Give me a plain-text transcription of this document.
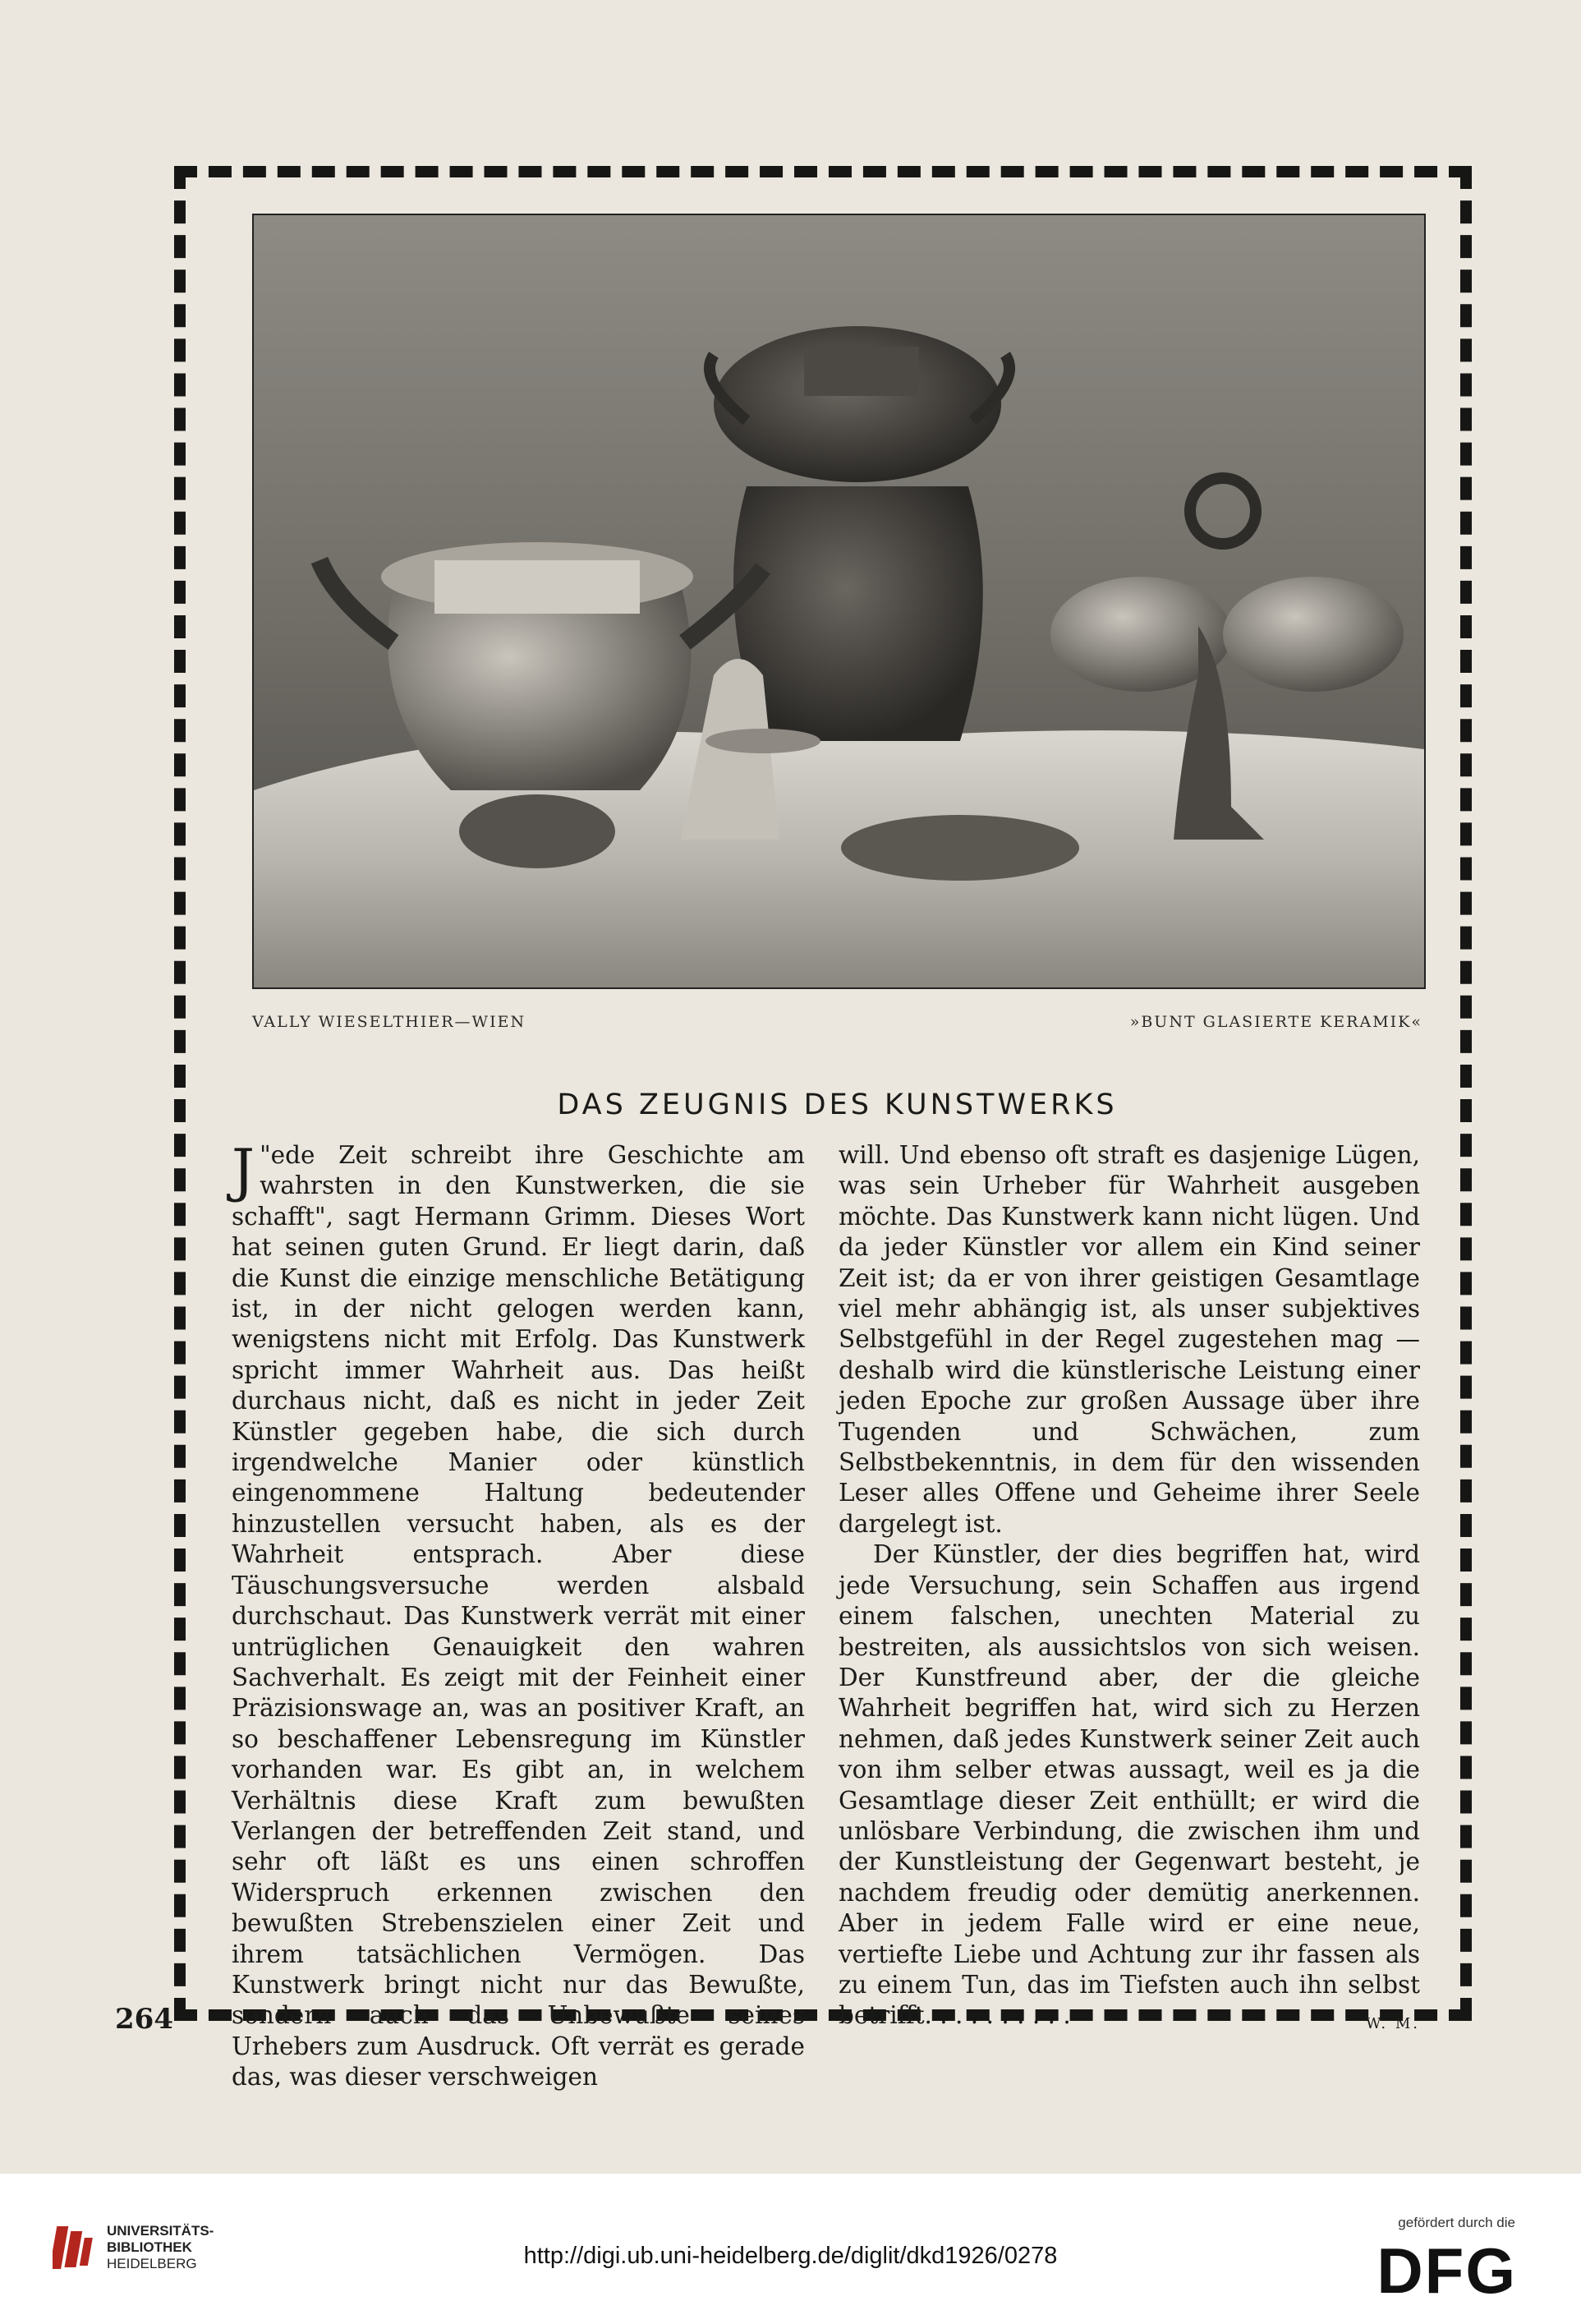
VALLY WIESELTHIER—WIEN	»BUNT GLASIERTE KERAMIK«
DAS ZEUGNIS DES KUNSTWERKS

J "ede Zeit schreibt ihre Geschichte am wahrsten in den Kunstwerken, die sie schafft", sagt Hermann Grimm. Dieses Wort hat seinen guten Grund. Er liegt darin, daß die Kunst die einzige menschliche Betätigung ist, in der nicht gelogen werden kann, wenigstens nicht mit Erfolg. Das Kunstwerk spricht immer Wahrheit aus. Das heißt durchaus nicht, daß es nicht in jeder Zeit Künstler gegeben habe, die sich durch irgendwelche Manier oder künstlich eingenommene Haltung bedeutender hinzustellen versucht haben, als es der Wahrheit entsprach. Aber diese Täuschungsversuche werden alsbald durchschaut. Das Kunstwerk verrät mit einer untrüglichen Genauigkeit den wahren Sachverhalt. Es zeigt mit der Feinheit einer Präzisionswage an, was an positiver Kraft, an so beschaffener Lebensregung im Künstler vorhanden war. Es gibt an, in welchem Verhältnis diese Kraft zum bewußten Verlangen der betreffenden Zeit stand, und sehr oft läßt es uns einen schroffen Widerspruch erkennen zwischen den bewußten Strebenszielen einer Zeit und ihrem tatsächlichen Vermögen. Das Kunstwerk bringt nicht nur das Bewußte, sondern auch das Unbewußte seines Urhebers zum Ausdruck. Oft verrät es gerade das, was dieser verschweigen

will. Und ebenso oft straft es dasjenige Lügen, was sein Urheber für Wahrheit ausgeben möchte. Das Kunstwerk kann nicht lügen. Und da jeder Künstler vor allem ein Kind seiner Zeit ist; da er von ihrer geistigen Gesamtlage viel mehr abhängig ist, als unser subjektives Selbstgefühl in der Regel zugestehen mag — deshalb wird die künstlerische Leistung einer jeden Epoche zur großen Aussage über ihre Tugenden und Schwächen, zum Selbstbekenntnis, in dem für den wissenden Leser alles Offene und Geheime ihrer Seele dargelegt ist.

Der Künstler, der dies begriffen hat, wird jede Versuchung, sein Schaffen aus irgend einem falschen, unechten Material zu bestreiten, als aussichtslos von sich weisen. Der Kunstfreund aber, der die gleiche Wahrheit begriffen hat, wird sich zu Herzen nehmen, daß jedes Kunstwerk seiner Zeit auch von ihm selber etwas aussagt, weil es ja die Gesamtlage dieser Zeit enthüllt; er wird die unlösbare Verbindung, die zwischen ihm und der Kunstleistung der Gegenwart besteht, je nachdem freudig oder demütig anerkennen. Aber in jedem Falle wird er eine neue, vertiefte Liebe und Achtung zur ihr fassen als zu einem Tun, das im Tiefsten auch ihn selbst betrifft. . . . . . . . . .	W. M.

264
UNIVERSITÄTS-
BIBLIOTHEK
HEIDELBERG	http://digi.ub.uni-heidelberg.de/diglit/dkd1926/0278
gefördert durch die
DFG
